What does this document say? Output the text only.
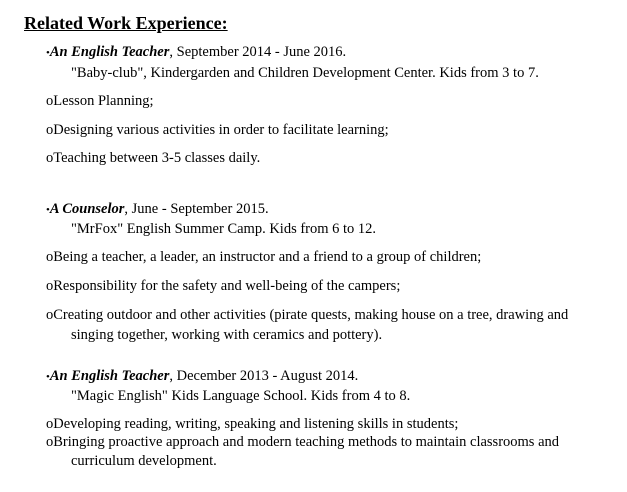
Related Work Experience:
•An English Teacher, September 2014 - June 2016.
"Baby-club", Kindergarden and Children Development Center. Kids from 3 to 7.
oLesson Planning;
oDesigning various activities in order to facilitate learning;
oTeaching between 3-5 classes daily.
•A Counselor, June - September 2015.
"MrFox" English Summer Camp. Kids from 6 to 12.
oBeing a teacher, a leader, an instructor and a friend to a group of children;
oResponsibility for the safety and well-being of the campers;
oCreating outdoor and other activities (pirate quests, making house on a tree, drawing and
singing together, working with ceramics and pottery).
•An English Teacher, December 2013 - August 2014.
"Magic English" Kids Language School. Kids from 4 to 8.
oDeveloping reading, writing, speaking and listening skills in students;
oBringing proactive approach and modern teaching methods to maintain classrooms and
curriculum development.
